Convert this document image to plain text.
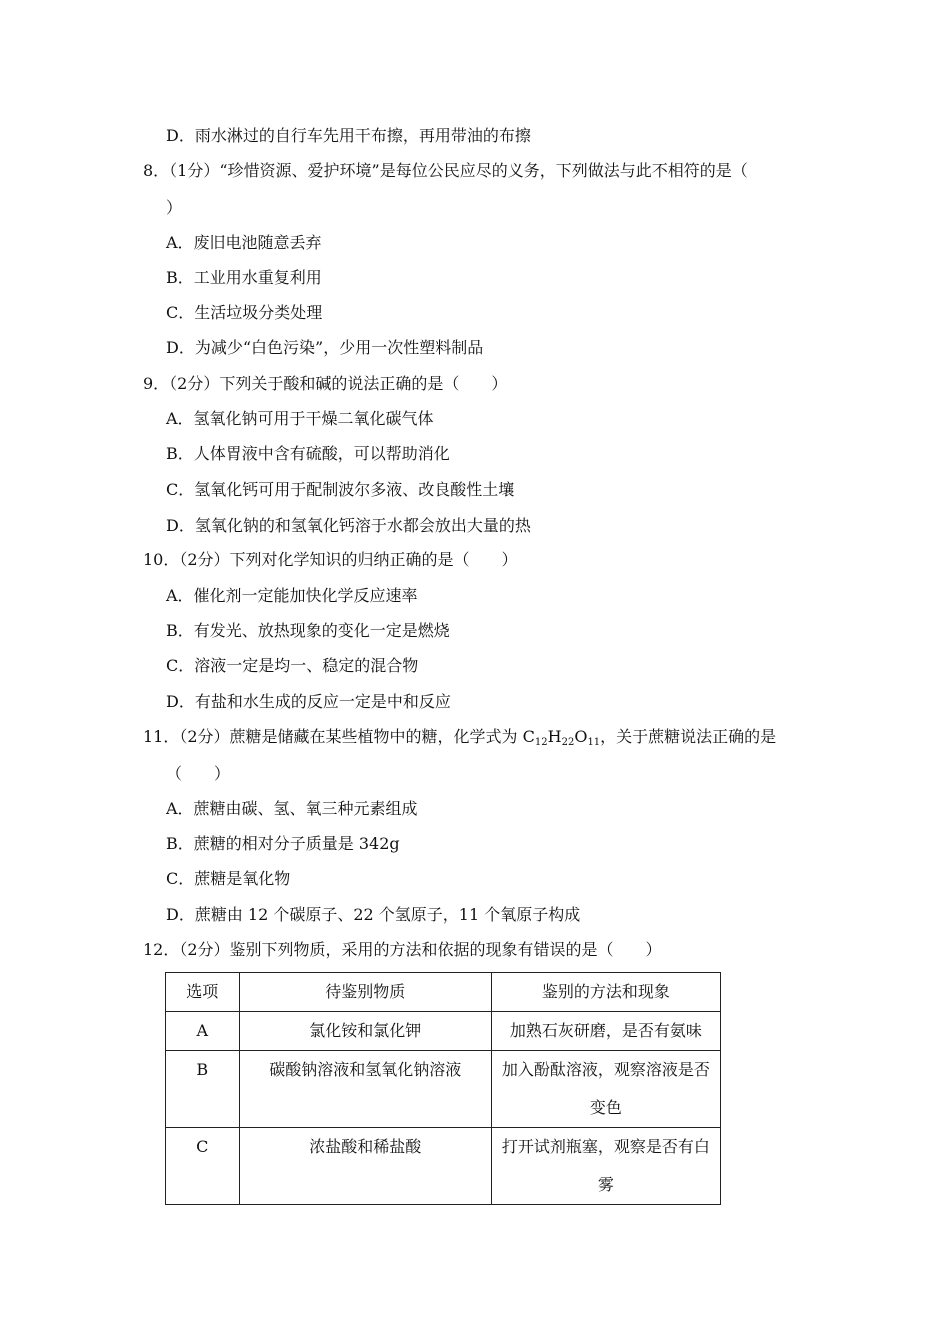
D．雨水淋过的自行车先用干布擦，再用带油的布擦
8．（1分）“珍惜资源、爱护环境”是每位公民应尽的义务，下列做法与此不相符的是（
）
A．废旧电池随意丢弃
B．工业用水重复利用
C．生活垃圾分类处理
D．为减少“白色污染”，少用一次性塑料制品
9．（2分）下列关于酸和碱的说法正确的是（　　）
A．氢氧化钠可用于干燥二氧化碳气体
B．人体胃液中含有硫酸，可以帮助消化
C．氢氧化钙可用于配制波尔多液、改良酸性土壤
D．氢氧化钠的和氢氧化钙溶于水都会放出大量的热
10．（2分）下列对化学知识的归纳正确的是（　　）
A．催化剂一定能加快化学反应速率
B．有发光、放热现象的变化一定是燃烧
C．溶液一定是均一、稳定的混合物
D．有盐和水生成的反应一定是中和反应
11．（2分）蔗糖是储藏在某些植物中的糖，化学式为 $C_{12}H_{22}O_{11}$，关于蔗糖说法正确的是
（　　）
A．蔗糖由碳、氢、氧三种元素组成
B．蔗糖的相对分子质量是 342g
C．蔗糖是氧化物
D．蔗糖由 12 个碳原子、22 个氢原子，11 个氧原子构成
12．（2分）鉴别下列物质，采用的方法和依据的现象有错误的是（　　）
选项	待鉴别物质	鉴别的方法和现象
A	氯化铵和氯化钾	加熟石灰研磨，是否有氨味
B	碳酸钠溶液和氢氧化钠溶液	加入酚酞溶液，观察溶液是否变色
C	浓盐酸和稀盐酸	打开试剂瓶塞，观察是否有白雾
